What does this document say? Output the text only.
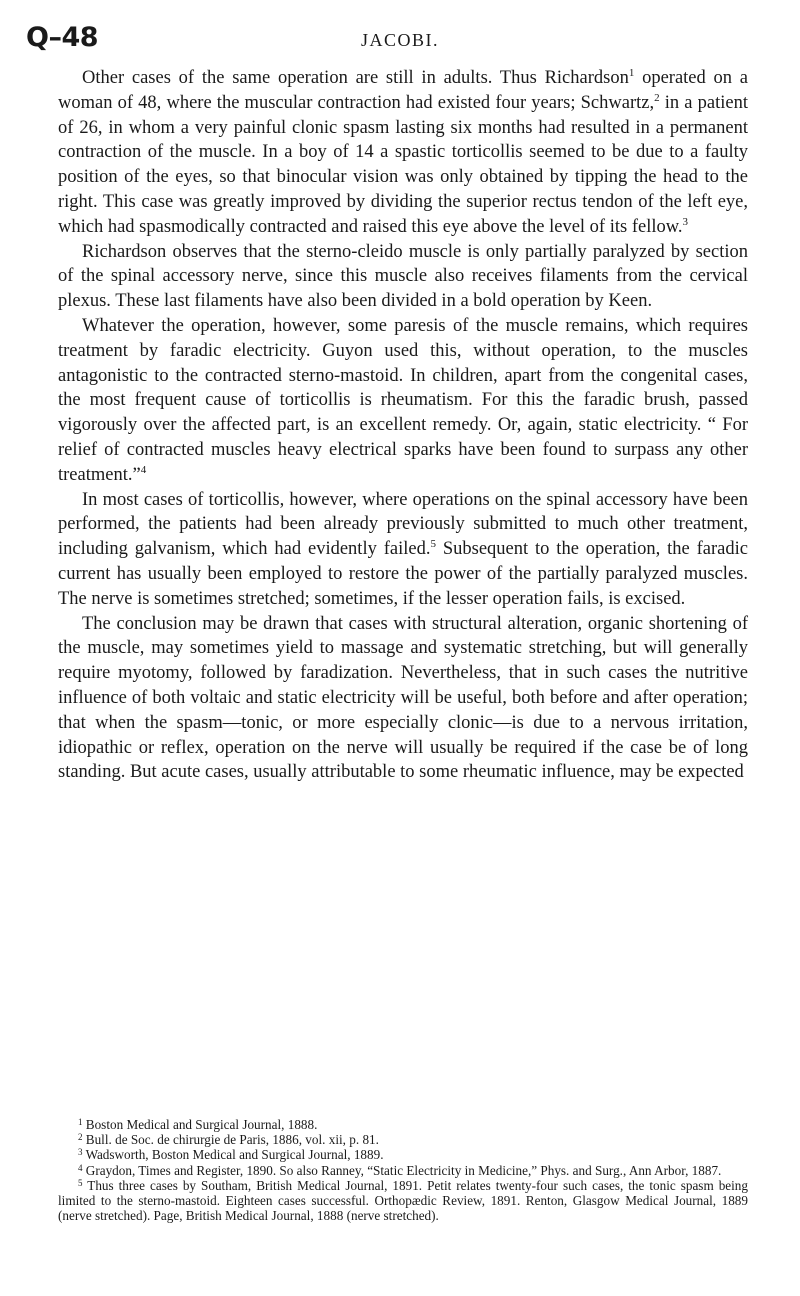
Q–48	JACOBI.

Other cases of the same operation are still in adults. Thus Richardson$^1$ operated on a woman of 48, where the muscular contraction had existed four years; Schwartz,$^2$ in a patient of 26, in whom a very painful clonic spasm lasting six months had resulted in a permanent contraction of the muscle. In a boy of 14 a spastic torticollis seemed to be due to a faulty position of the eyes, so that binocular vision was only obtained by tipping the head to the right. This case was greatly improved by dividing the superior rectus tendon of the left eye, which had spasmodically contracted and raised this eye above the level of its fellow.$^3$

Richardson observes that the sterno-cleido muscle is only partially paralyzed by section of the spinal accessory nerve, since this muscle also receives filaments from the cervical plexus. These last filaments have also been divided in a bold operation by Keen.

Whatever the operation, however, some paresis of the muscle remains, which requires treatment by faradic electricity. Guyon used this, without operation, to the muscles antagonistic to the contracted sterno-mastoid. In children, apart from the congenital cases, the most frequent cause of torticollis is rheumatism. For this the faradic brush, passed vigorously over the affected part, is an excellent remedy. Or, again, static electricity. “ For relief of contracted muscles heavy electrical sparks have been found to surpass any other treatment.”$^4$

In most cases of torticollis, however, where operations on the spinal accessory have been performed, the patients had been already previously submitted to much other treatment, including galvanism, which had evidently failed.$^5$ Subsequent to the operation, the faradic current has usually been employed to restore the power of the partially paralyzed muscles. The nerve is sometimes stretched; sometimes, if the lesser operation fails, is excised.

The conclusion may be drawn that cases with structural alteration, organic shortening of the muscle, may sometimes yield to massage and systematic stretching, but will generally require myotomy, followed by faradization. Nevertheless, that in such cases the nutritive influence of both voltaic and static electricity will be useful, both before and after operation; that when the spasm—tonic, or more especially clonic—is due to a nervous irritation, idiopathic or reflex, operation on the nerve will usually be required if the case be of long standing. But acute cases, usually attributable to some rheumatic influence, may be expected

$^1$ Boston Medical and Surgical Journal, 1888.

$^2$ Bull. de Soc. de chirurgie de Paris, 1886, vol. xii, p. 81.

$^3$ Wadsworth, Boston Medical and Surgical Journal, 1889.

$^4$ Graydon, Times and Register, 1890. So also Ranney, “Static Electricity in Medicine,” Phys. and Surg., Ann Arbor, 1887.

$^5$ Thus three cases by Southam, British Medical Journal, 1891. Petit relates twenty-four such cases, the tonic spasm being limited to the sterno-mastoid. Eighteen cases successful. Orthopædic Review, 1891. Renton, Glasgow Medical Journal, 1889 (nerve stretched). Page, British Medical Journal, 1888 (nerve stretched).
